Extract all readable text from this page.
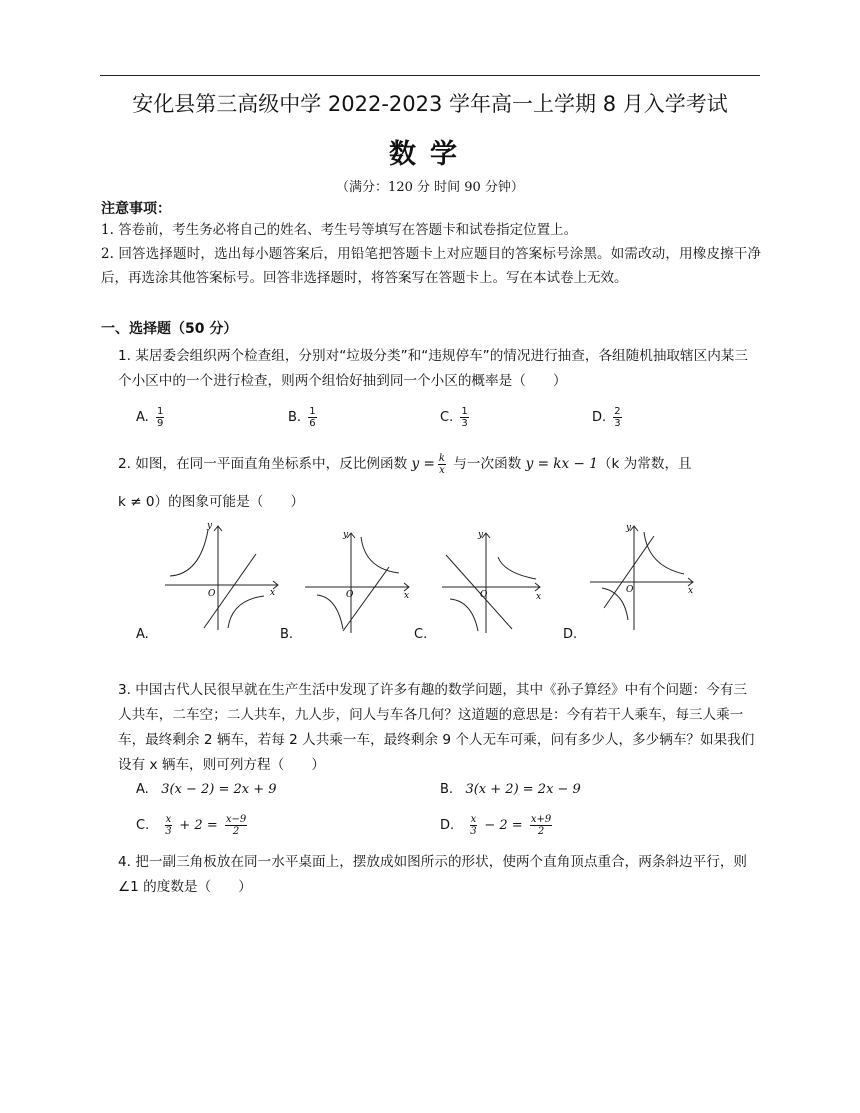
安化县第三高级中学 2022-2023 学年高一上学期 8 月入学考试
数学
（满分：120 分 时间 90 分钟）
注意事项：
1. 答卷前，考生务必将自己的姓名、考生号等填写在答题卡和试卷指定位置上。
2. 回答选择题时，选出每小题答案后，用铅笔把答题卡上对应题目的答案标号涂黑。如需改动，用橡皮擦干净后，再选涂其他答案标号。回答非选择题时，将答案写在答题卡上。写在本试卷上无效。
一、选择题（50 分）
1. 某居委会组织两个检查组，分别对“垃圾分类”和“违规停车”的情况进行抽查，各组随机抽取辖区内某三个小区中的一个进行检查，则两个组恰好抽到同一个小区的概率是（　　）
A. $\frac{1}{9}$	B. $\frac{1}{6}$	C. $\frac{1}{3}$	D. $\frac{2}{3}$
2. 如图，在同一平面直角坐标系中，反比例函数 $y = \frac{k}{x}$ 与一次函数 y = kx − 1（k 为常数，且
k ≠ 0）的图象可能是（　　）
y
x
O
A.
y
x
O
B.
y
x
O
C.
y
x
O
D.
3. 中国古代人民很早就在生产生活中发现了许多有趣的数学问题，其中《孙子算经》中有个问题：今有三人共车，二车空；二人共车，九人步，问人与车各几何？这道题的意思是：今有若干人乘车，每三人乘一车，最终剩余 2 辆车，若每 2 人共乘一车，最终剩余 9 个人无车可乘，问有多少人，多少辆车？如果我们设有 x 辆车，则可列方程（　　）
A. 3(x − 2) = 2x + 9	B. 3(x + 2) = 2x − 9
C. $\frac{x}{3} + 2 = \frac{x-9}{2}$	D. $\frac{x}{3} - 2 = \frac{x+9}{2}$
4. 把一副三角板放在同一水平桌面上，摆放成如图所示的形状，使两个直角顶点重合，两条斜边平行，则 ∠1 的度数是（　　）
